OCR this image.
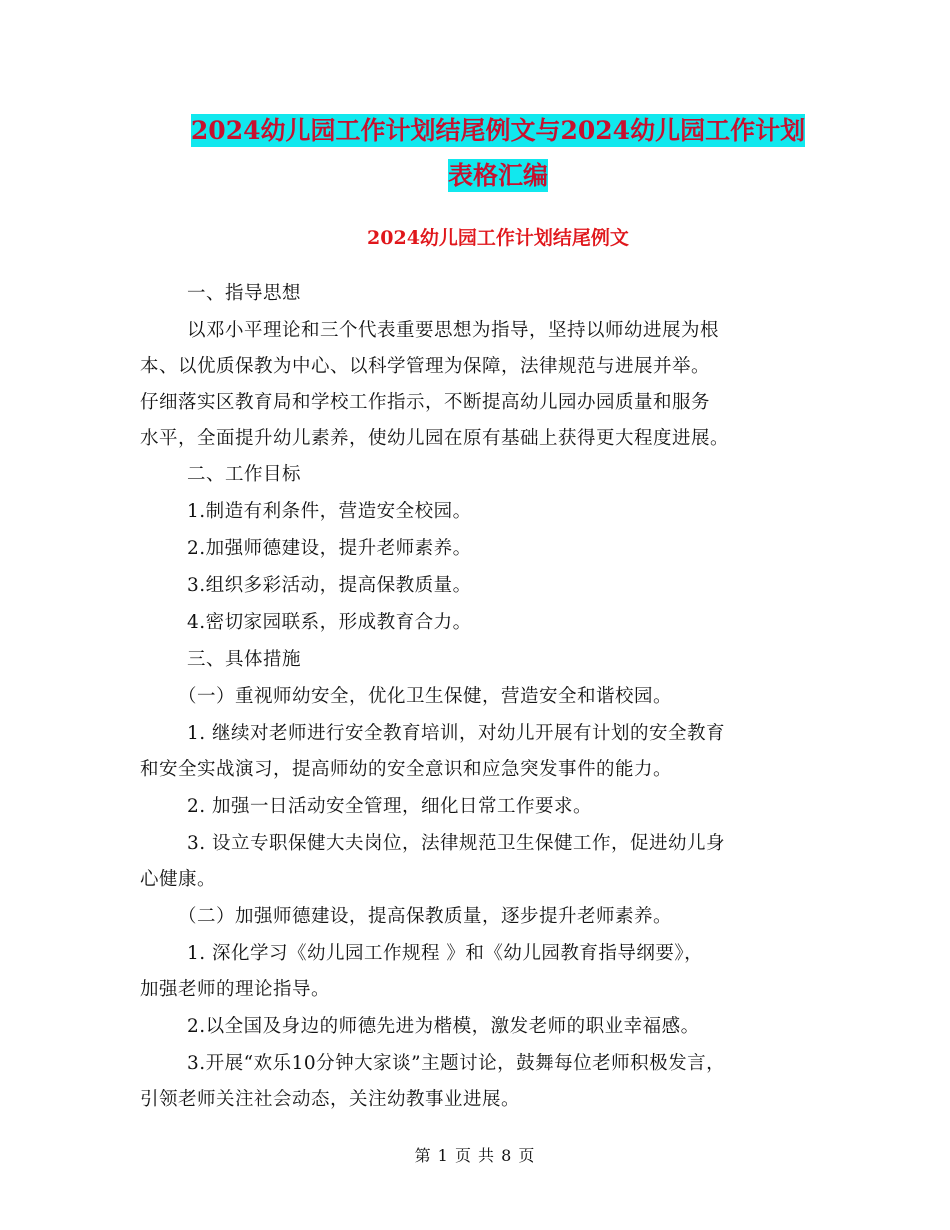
2024幼儿园工作计划结尾例文与2024幼儿园工作计划
表格汇编
2024幼儿园工作计划结尾例文
一、指导思想
以邓小平理论和三个代表重要思想为指导，坚持以师幼进展为根
本、以优质保教为中心、以科学管理为保障，法律规范与进展并举。
仔细落实区教育局和学校工作指示，不断提高幼儿园办园质量和服务
水平，全面提升幼儿素养，使幼儿园在原有基础上获得更大程度进展。
二、工作目标
1.制造有利条件，营造安全校园。
2.加强师德建设，提升老师素养。
3.组织多彩活动，提高保教质量。
4.密切家园联系，形成教育合力。
三、具体措施
（一）重视师幼安全，优化卫生保健，营造安全和谐校园。
1. 继续对老师进行安全教育培训，对幼儿开展有计划的安全教育
和安全实战演习，提高师幼的安全意识和应急突发事件的能力。
2. 加强一日活动安全管理，细化日常工作要求。
3. 设立专职保健大夫岗位，法律规范卫生保健工作，促进幼儿身
心健康。
（二）加强师德建设，提高保教质量，逐步提升老师素养。
1. 深化学习《幼儿园工作规程 》和《幼儿园教育指导纲要》，
加强老师的理论指导。
2.以全国及身边的师德先进为楷模，激发老师的职业幸福感。
3.开展“欢乐10分钟大家谈”主题讨论，鼓舞每位老师积极发言，
引领老师关注社会动态，关注幼教事业进展。
第 1 页 共 8 页
